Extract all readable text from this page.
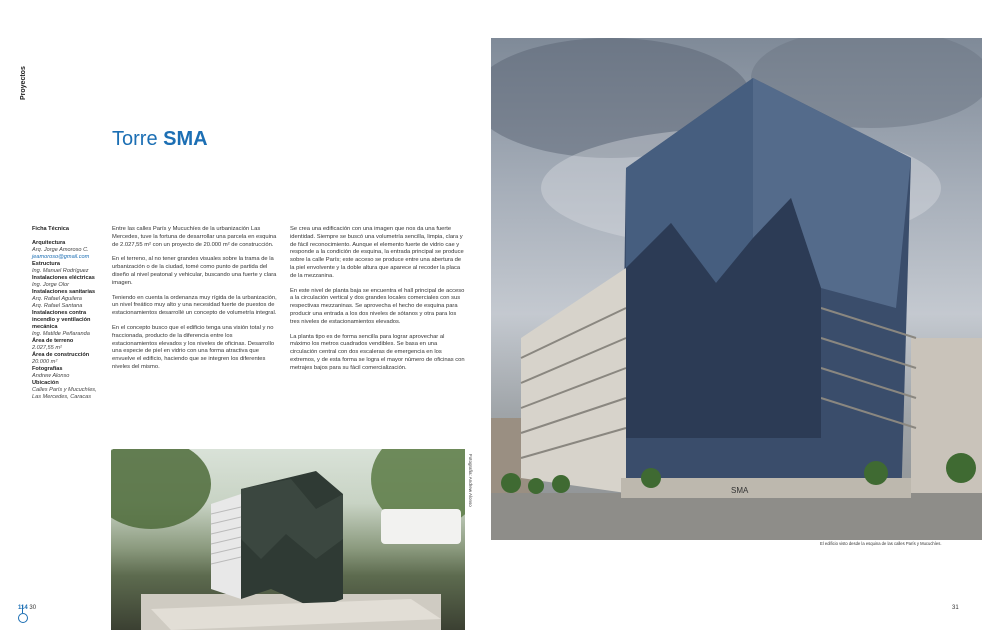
Proyectos
Torre SMA
Ficha Técnica
Arquitectura
Arq. Jorge Amoroso C.
jeamoroso@gmail.com
Estructura
Ing. Manuel Rodríguez
Instalaciones eléctricas
Ing. Jorge Olor
Instalaciones sanitarias
Arq. Rafael Aguilera
Arq. Rafael Santana
Instalaciones contra incendio y ventilación mecánica
Ing. Matilde Peñaranda
Área de terreno
2.027,55 m²
Área de construcción
20.000 m²
Fotografías
Andrew Alonso
Ubicación
Calles París y Mucuchíes,
Las Mercedes, Caracas

Entre las calles París y Mucuchíes de la urbanización Las Mercedes, tuve la fortuna de desarrollar una parcela en esquina de 2.027,55 m² con un proyecto de 20.000 m² de construcción.

En el terreno, al no tener grandes visuales sobre la trama de la urbanización o de la ciudad, tomé como punto de partida del diseño al nivel peatonal y vehicular, buscando una fuerte y clara imagen.

Teniendo en cuenta la ordenanza muy rígida de la urbanización, un nivel freático muy alto y una necesidad fuerte de puestos de estacionamientos desarrollé un concepto de volumetría integral.

En el concepto busco que el edificio tenga una visión total y no fraccionada, producto de la diferencia entre los estacionamientos elevados y los niveles de oficinas. Desarrollo una especie de piel en vidrio con una forma atractiva que envuelve el edificio, haciendo que se integren los diferentes niveles del mismo.

Se crea una edificación con una imagen que nos da una fuerte identidad. Siempre se buscó una volumetría sencilla, limpia, clara y de fácil reconocimiento. Aunque el elemento fuerte de vidrio cae y responde a la condición de esquina, la entrada principal se produce sobre la calle París; este acceso se produce entre una abertura de la piel envolvente y la doble altura que aparece al recoder la placa de la mezzanina.

En este nivel de planta baja se encuentra el hall principal de acceso a la circulación vertical y dos grandes locales comerciales con sus respectivas mezzaninas. Se aprovecha el hecho de esquina para producir una entrada a los dos niveles de sótanos y otra para los tres niveles de estacionamientos elevados.

La planta tipo es de forma sencilla para lograr aprovechar al máximo los metros cuadrados vendibles. Se basa en una circulación central con dos escaleras de emergencia en los extremos, y de esta forma se logra el mayor número de oficinas con metrajes bajos para su fácil comercialización.

Fotografía: Andrew Alonso	SMA
El edificio visto desde la esquina de las calles París y Mucuchíes.
114 30	31
